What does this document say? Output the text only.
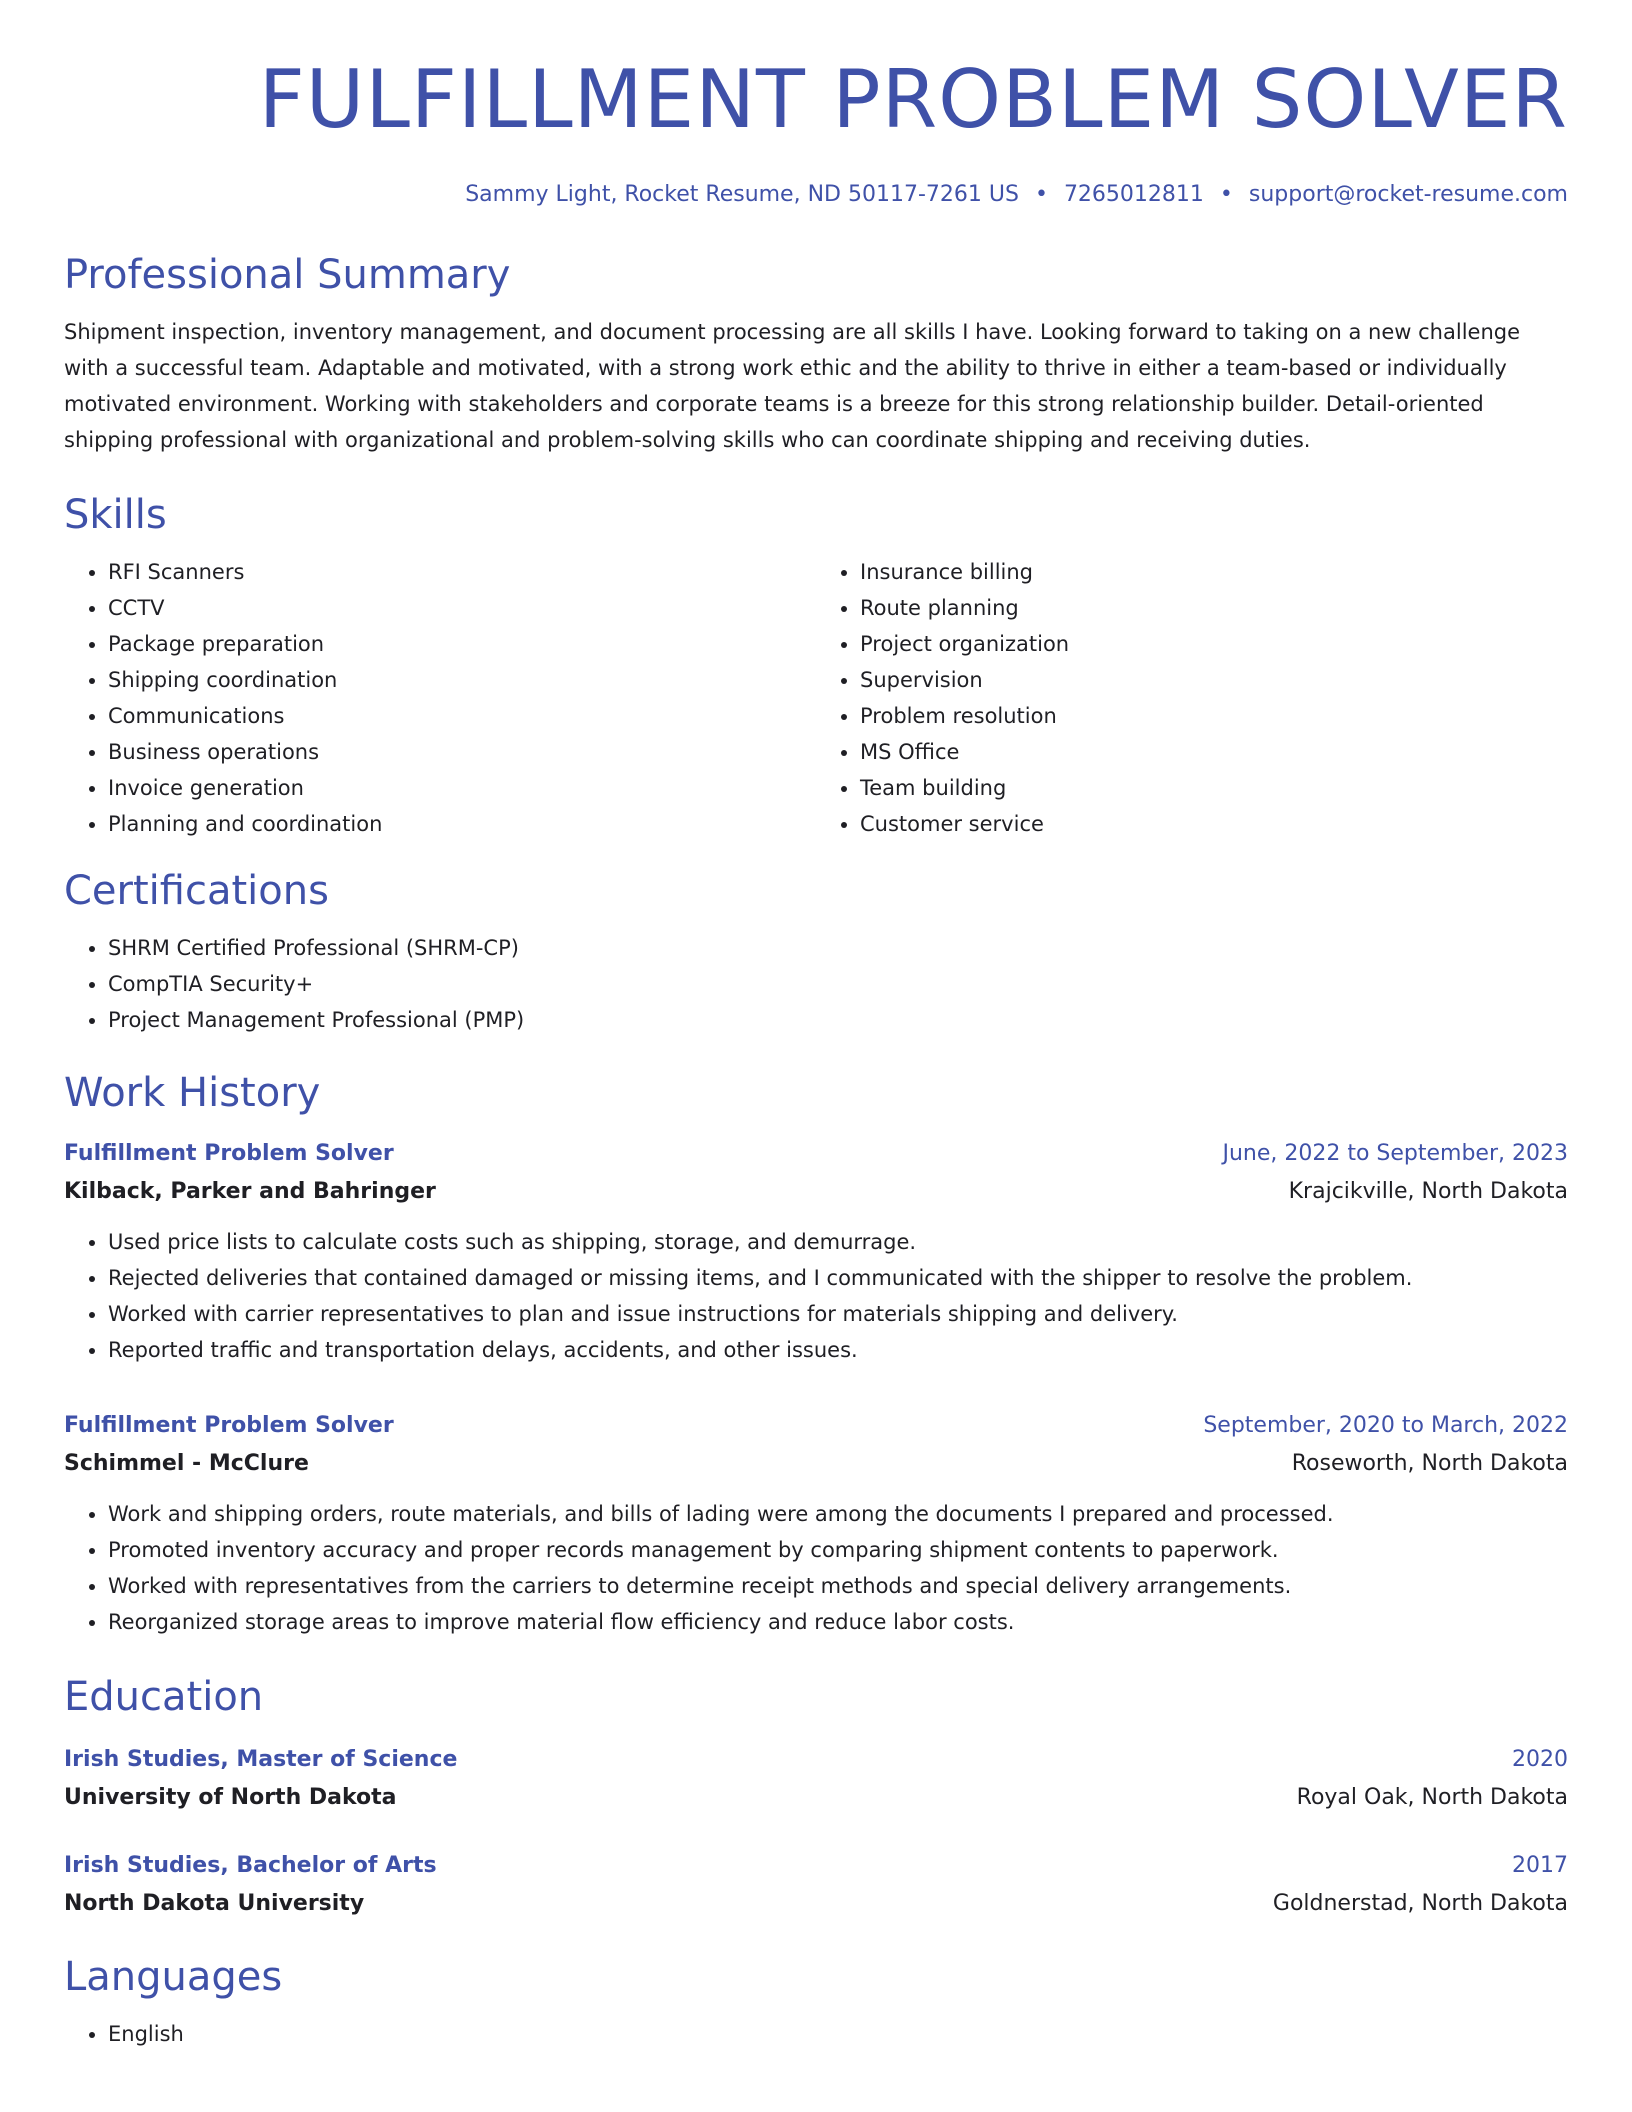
FULFILLMENT PROBLEM SOLVER
Sammy Light, Rocket Resume, ND 50117-7261 US • 7265012811 • support@rocket-resume.com
Professional Summary

Shipment inspection, inventory management, and document processing are all skills I have. Looking forward to taking on a new challenge with a successful team. Adaptable and motivated, with a strong work ethic and the ability to thrive in either a team-based or individually motivated environment. Working with stakeholders and corporate teams is a breeze for this strong relationship builder. Detail-oriented shipping professional with organizational and problem-solving skills who can coordinate shipping and receiving duties.

Skills
• RFI Scanners
• CCTV
• Package preparation
• Shipping coordination
• Communications
• Business operations
• Invoice generation
• Planning and coordination
• Insurance billing
• Route planning
• Project organization
• Supervision
• Problem resolution
• MS Office
• Team building
• Customer service
Certifications
• SHRM Certified Professional (SHRM-CP)
• CompTIA Security+
• Project Management Professional (PMP)
Work History
Fulfillment Problem Solver	June, 2022 to September, 2023
Kilback, Parker and Bahringer	Krajcikville, North Dakota
• Used price lists to calculate costs such as shipping, storage, and demurrage.
• Rejected deliveries that contained damaged or missing items, and I communicated with the shipper to resolve the problem.
• Worked with carrier representatives to plan and issue instructions for materials shipping and delivery.
• Reported traffic and transportation delays, accidents, and other issues.
Fulfillment Problem Solver	September, 2020 to March, 2022
Schimmel - McClure	Roseworth, North Dakota
• Work and shipping orders, route materials, and bills of lading were among the documents I prepared and processed.
• Promoted inventory accuracy and proper records management by comparing shipment contents to paperwork.
• Worked with representatives from the carriers to determine receipt methods and special delivery arrangements.
• Reorganized storage areas to improve material flow efficiency and reduce labor costs.
Education
Irish Studies, Master of Science	2020
University of North Dakota	Royal Oak, North Dakota
Irish Studies, Bachelor of Arts	2017
North Dakota University	Goldnerstad, North Dakota
Languages
• English
